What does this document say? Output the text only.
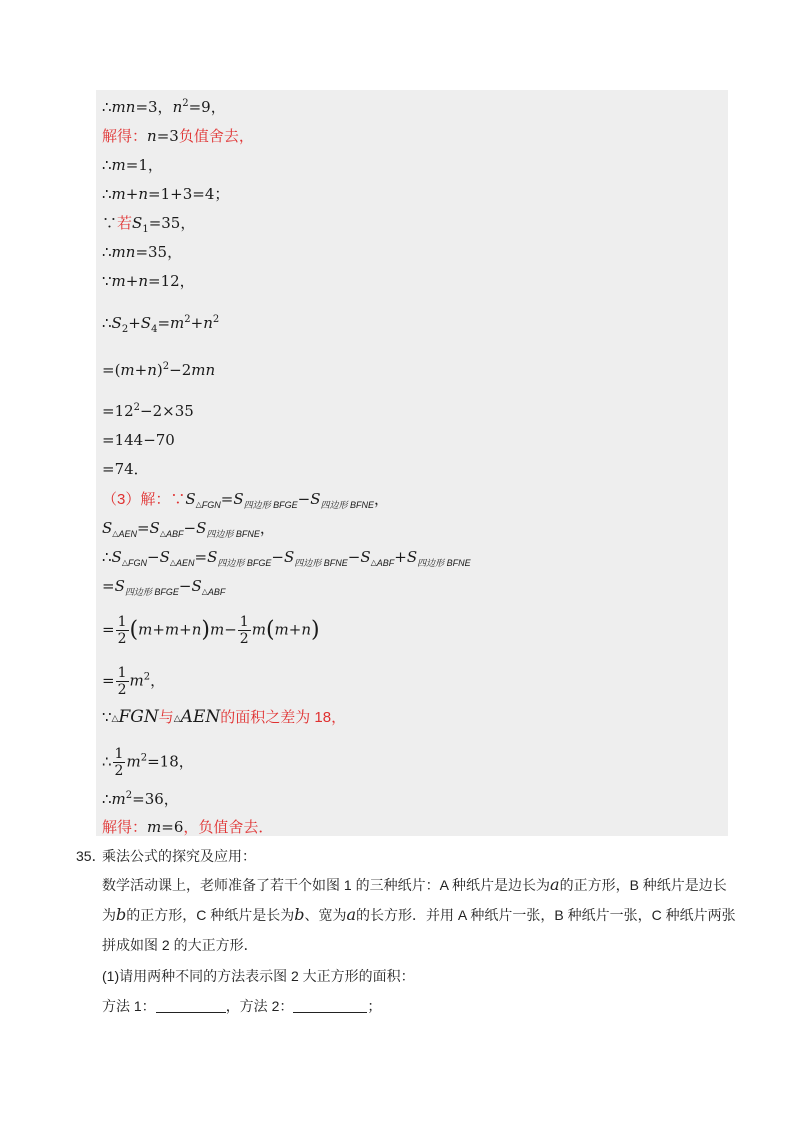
∴mn=3，$n^2=9$，
解得：n=3负值舍去，
∴m=1，
∴m+n=1+3=4；
∵若$S_1=35$，
∴mn=35，
∵m+n=12，
$\therefore S_2+S_4=m^2+n^2$
$=(m+n)^2-2mn$
$=12^2-2\times 35$
=144−70
=74．
（3）解：$\because S_{\triangle FGN}=S_{四边形 BFGE}-S_{四边形 BFNE}$，
$S_{\triangle AEN}=S_{\triangle ABF}-S_{四边形 BFNE}$，
$\therefore S_{\triangle FGN}-S_{\triangle AEN}=S_{四边形 BFGE}-S_{四边形 BFNE}-S_{\triangle ABF}+S_{四边形 BFNE}$
$=S_{四边形 BFGE}-S_{\triangle ABF}$
= $\frac{1}{2} (m+m+n)m- \frac{1}{2} m(m+n)$
= $\frac{1}{2} m^2$，
∵△FGN与△AEN的面积之差为 18，
∴ $\frac{1}{2} m^2=18$，
$\therefore m^2=36$，
解得：m=6，负值舍去．
35．
乘法公式的探究及应用：
数学活动课上，老师准备了若干个如图 1 的三种纸片：A 种纸片是边长为a的正方形，B 种纸片是边长
为b的正方形，C 种纸片是长为b、宽为a的长方形．并用 A 种纸片一张，B 种纸片一张，C 种纸片两张
拼成如图 2 的大正方形．
(1)请用两种不同的方法表示图 2 大正方形的面积：
方法 1：	，方法 2：	；
